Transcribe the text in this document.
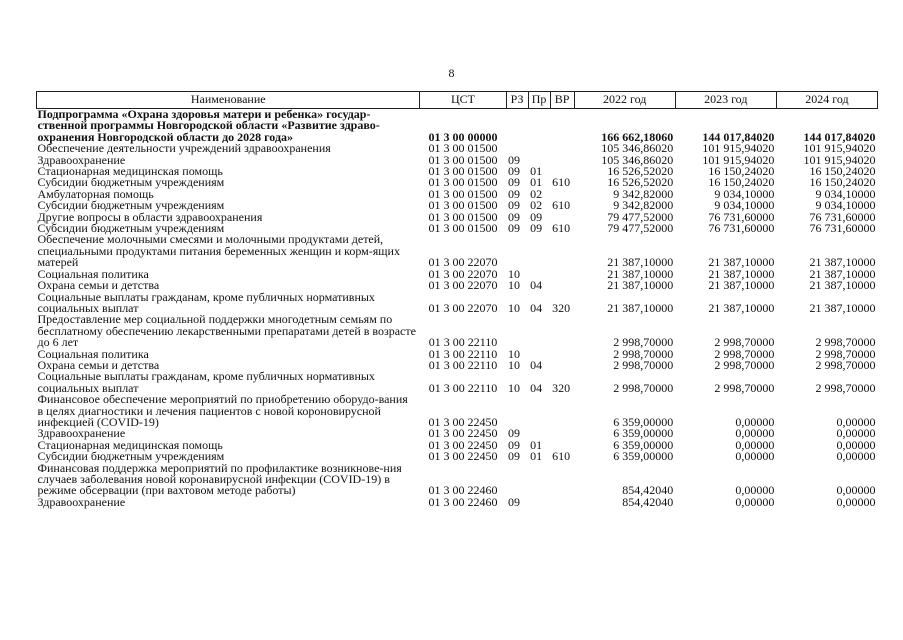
8
Наименование	ЦСТ	РЗ	Пр	ВР	2022 год	2023 год	2024 год
Подпрограмма «Охрана здоровья матери и ребенка» государ-ственной программы Новгородской области «Развитие здраво-охранения Новгородской области до 2028 года»	01 3 00 00000				166 662,18060	144 017,84020	144 017,84020
Обеспечение деятельности учреждений здравоохранения	01 3 00 01500				105 346,86020	101 915,94020	101 915,94020
Здравоохранение	01 3 00 01500	09			105 346,86020	101 915,94020	101 915,94020
Стационарная медицинская помощь	01 3 00 01500	09	01		16 526,52020	16 150,24020	16 150,24020
Субсидии бюджетным учреждениям	01 3 00 01500	09	01	610	16 526,52020	16 150,24020	16 150,24020
Амбулаторная помощь	01 3 00 01500	09	02		9 342,82000	9 034,10000	9 034,10000
Субсидии бюджетным учреждениям	01 3 00 01500	09	02	610	9 342,82000	9 034,10000	9 034,10000
Другие вопросы в области здравоохранения	01 3 00 01500	09	09		79 477,52000	76 731,60000	76 731,60000
Субсидии бюджетным учреждениям	01 3 00 01500	09	09	610	79 477,52000	76 731,60000	76 731,60000
Обеспечение молочными смесями и молочными продуктами детей, специальными продуктами питания беременных женщин и корм-ящих матерей	01 3 00 22070				21 387,10000	21 387,10000	21 387,10000
Социальная политика	01 3 00 22070	10			21 387,10000	21 387,10000	21 387,10000
Охрана семьи и детства	01 3 00 22070	10	04		21 387,10000	21 387,10000	21 387,10000
Социальные выплаты гражданам, кроме публичных нормативных социальных выплат	01 3 00 22070	10	04	320	21 387,10000	21 387,10000	21 387,10000
Предоставление мер социальной поддержки многодетным семьям по бесплатному обеспечению лекарственными препаратами детей в возрасте до 6 лет	01 3 00 22110				2 998,70000	2 998,70000	2 998,70000
Социальная политика	01 3 00 22110	10			2 998,70000	2 998,70000	2 998,70000
Охрана семьи и детства	01 3 00 22110	10	04		2 998,70000	2 998,70000	2 998,70000
Социальные выплаты гражданам, кроме публичных нормативных социальных выплат	01 3 00 22110	10	04	320	2 998,70000	2 998,70000	2 998,70000
Финансовое обеспечение мероприятий по приобретению оборудо-вания в целях диагностики и лечения пациентов с новой короновирусной инфекцией (COVID-19)	01 3 00 22450				6 359,00000	0,00000	0,00000
Здравоохранение	01 3 00 22450	09			6 359,00000	0,00000	0,00000
Стационарная медицинская помощь	01 3 00 22450	09	01		6 359,00000	0,00000	0,00000
Субсидии бюджетным учреждениям	01 3 00 22450	09	01	610	6 359,00000	0,00000	0,00000
Финансовая поддержка мероприятий по профилактике возникнове-ния случаев заболевания новой коронавирусной инфекции (COVID-19) в режиме обсервации (при вахтовом методе работы)	01 3 00 22460				854,42040	0,00000	0,00000
Здравоохранение	01 3 00 22460	09			854,42040	0,00000	0,00000
